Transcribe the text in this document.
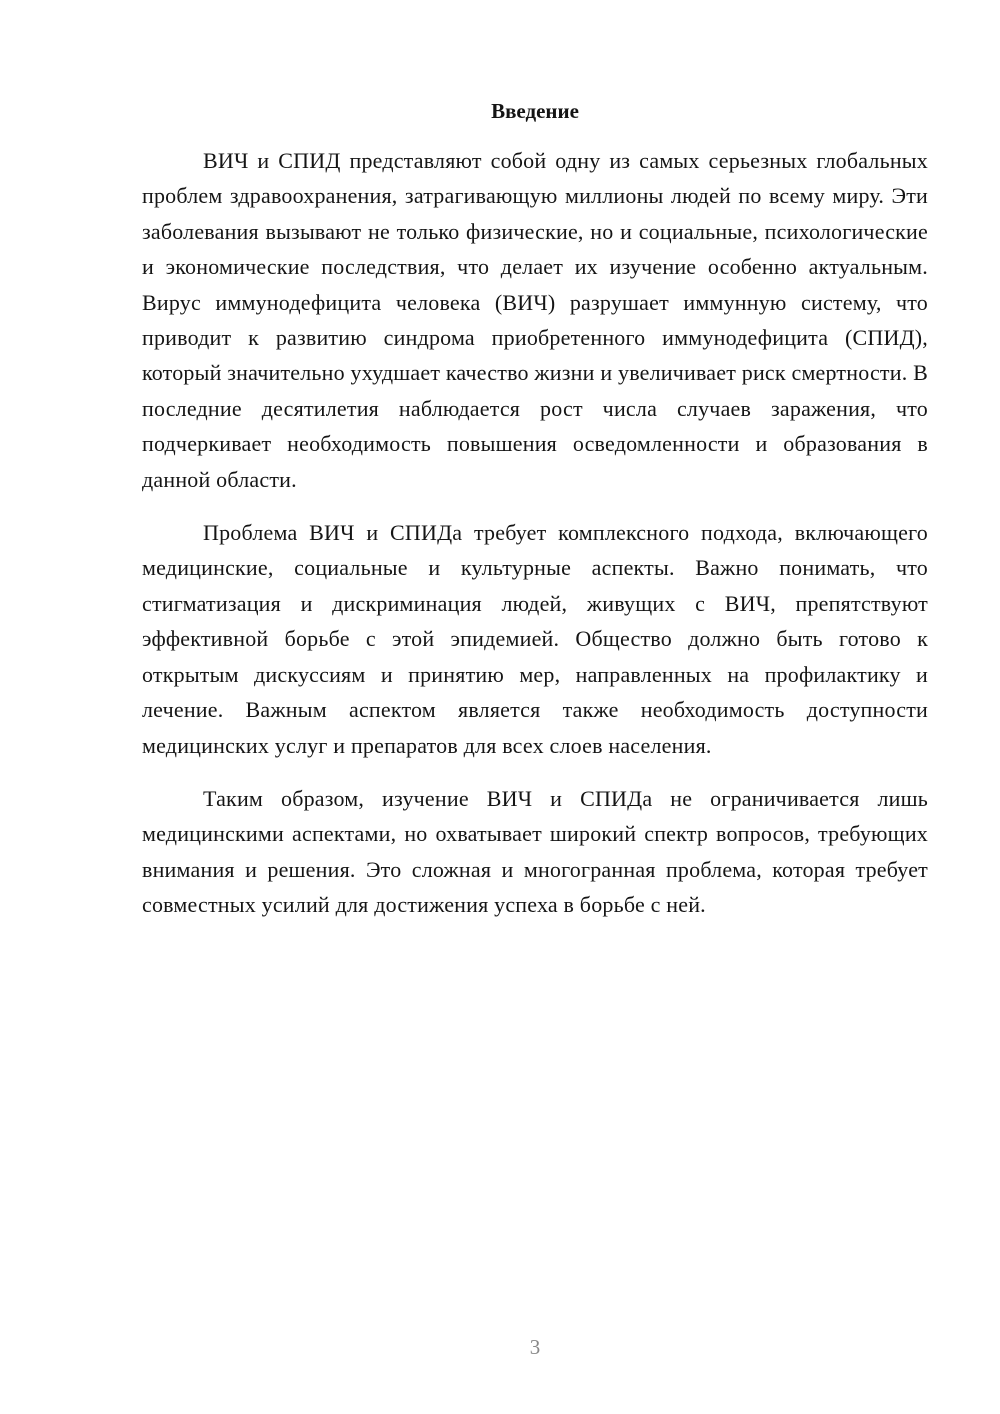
Введение

ВИЧ и СПИД представляют собой одну из самых серьезных глобальных проблем здравоохранения, затрагивающую миллионы людей по всему миру. Эти заболевания вызывают не только физические, но и социальные, психологические и экономические последствия, что делает их изучение особенно актуальным. Вирус иммунодефицита человека (ВИЧ) разрушает иммунную систему, что приводит к развитию синдрома приобретенного иммунодефицита (СПИД), который значительно ухудшает качество жизни и увеличивает риск смертности. В последние десятилетия наблюдается рост числа случаев заражения, что подчеркивает необходимость повышения осведомленности и образования в данной области.

Проблема ВИЧ и СПИДа требует комплексного подхода, включающего медицинские, социальные и культурные аспекты. Важно понимать, что стигматизация и дискриминация людей, живущих с ВИЧ, препятствуют эффективной борьбе с этой эпидемией. Общество должно быть готово к открытым дискуссиям и принятию мер, направленных на профилактику и лечение. Важным аспектом является также необходимость доступности медицинских услуг и препаратов для всех слоев населения.

Таким образом, изучение ВИЧ и СПИДа не ограничивается лишь медицинскими аспектами, но охватывает широкий спектр вопросов, требующих внимания и решения. Это сложная и многогранная проблема, которая требует совместных усилий для достижения успеха в борьбе с ней.

3
